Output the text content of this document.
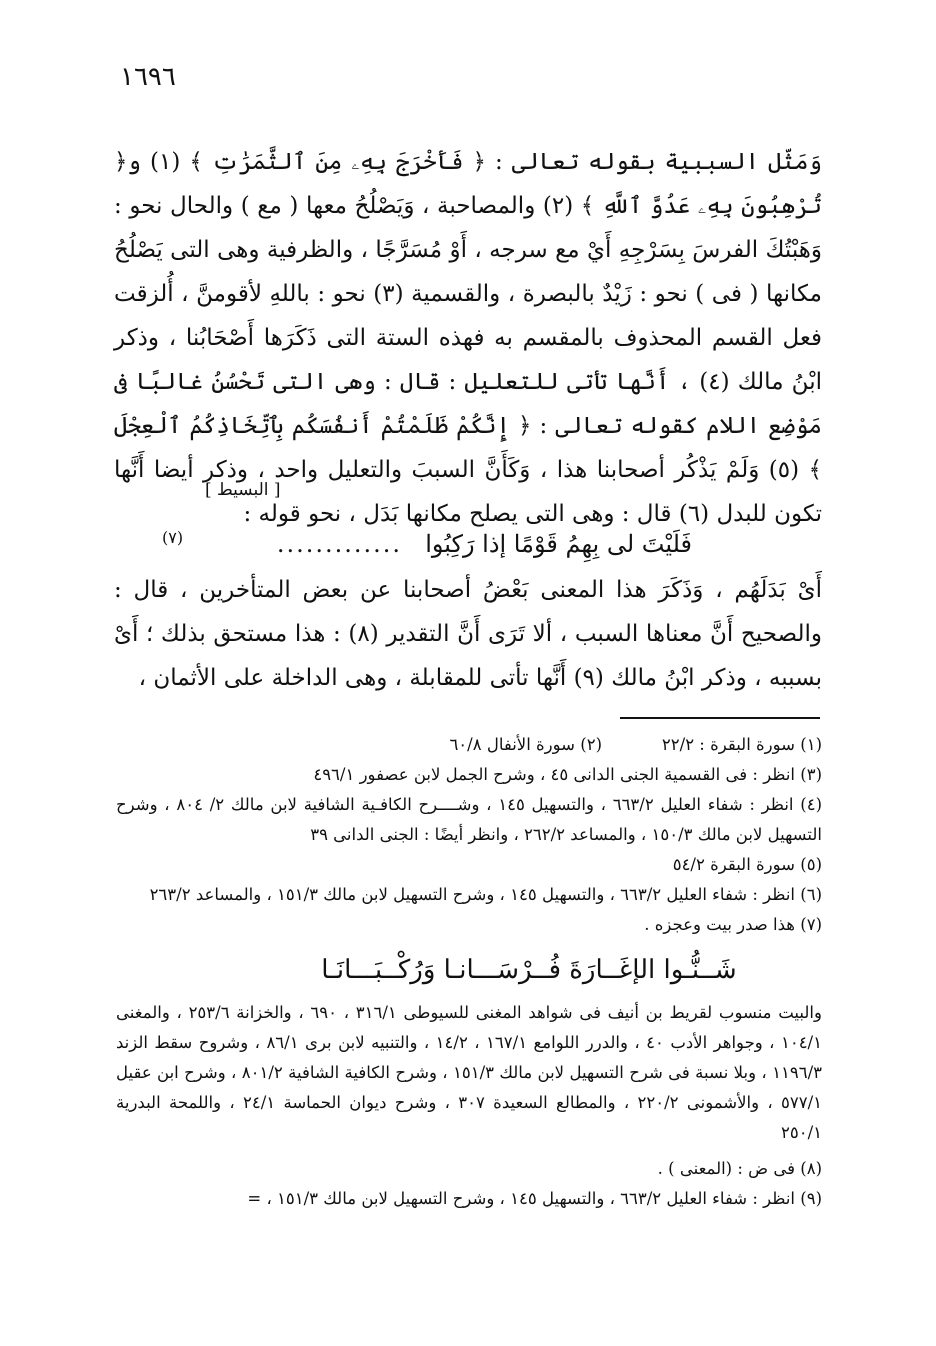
١٦٩٦

وَمَثّل السببية بقوله تعالى : ﴿ فَأَخْرَجَ بِهِۦ مِنَ ٱلثَّمَرَٰتِ ﴾ (١) و﴿ تُرْهِبُونَ بِهِۦ عَدُوَّ ٱللَّهِ ﴾ (٢) والمصاحبة ، وَيَصْلُحُ معها ( مع ) والحال نحو : وَهَبْتُكَ الفرسَ بِسَرْجِهِ أَيْ مع سرجه ، أَوْ مُسَرَّجًا ، والظرفية وهى التى يَصْلُحُ مكانها ( فى ) نحو : زَيْدٌ بالبصرة ، والقسمية (٣) نحو : باللهِ لأقومنَّ ، أُلزقت فعل القسم المحذوف بالمقسم به فهذه الستة التى ذَكَرَها أَصْحَابُنا ، وذكر ابْنُ مالك (٤) ، أَنَّها تأتى للتعليل : قال : وهى التى تَحْسُنُ غالبًا فى مَوْضِع اللام كقوله تعالى : ﴿ إِنَّكُمْ ظَلَمْتُمْ أَنفُسَكُم بِٱتِّخَاذِكُمُ ٱلْعِجْلَ ﴾ (٥) وَلَمْ يَذْكُر أصحابنا هذا ، وَكَأَنَّ السببَ والتعليل واحد ، وذكر أيضا أَنَّها تكون للبدل (٦) قال : وهى التى يصلح مكانها بَدَل ، نحو قوله :

[ البسيط ]
فَلَيْتَ لى بِهِمُ قَوْمًا إذا رَكِبُوا
.............
(٧)

أَىْ بَدَلَهُم ، وَذَكَرَ هذا المعنى بَعْضُ أصحابنا عن بعض المتأخرين ، قال : والصحيح أَنَّ معناها السبب ، ألا تَرَى أَنَّ التقدير (٨) : هذا مستحق بذلك ؛ أَىْ بسببه ، وذكر ابْنُ مالك (٩) أَنَّها تأتى للمقابلة ، وهى الداخلة على الأثمان ،

(١) سورة البقرة : ٢٢/٢
(٢) سورة الأنفال ٦٠/٨

(٣) انظر : فى القسمية الجنى الدانى ٤٥ ، وشرح الجمل لابن عصفور ٤٩٦/١

(٤) انظر : شفاء العليل ٦٦٣/٢ ، والتسهيل ١٤٥ ، وشــــرح الكافـية الشافية لابن مالك ٢/ ٨٠٤ ، وشرح التسهيل لابن مالك ١٥٠/٣ ، والمساعد ٢٦٢/٢ ، وانظر أيضًا : الجنى الدانى ٣٩

(٥) سورة البقرة ٥٤/٢

(٦) انظر : شفاء العليل ٦٦٣/٢ ، والتسهيل ١٤٥ ، وشرح التسهيل لابن مالك ١٥١/٣ ، والمساعد ٢٦٣/٢

(٧) هذا صدر بيت وعجزه .

شَــنُّـوا الإغَــارَةَ فُــرْسَـــانـا وَرُكْــبَـــانَـا

والبيت منسوب لقريط بن أنيف فى شواهد المغنى للسيوطى ٣١٦/١ ، ٦٩٠ ، والخزانة ٢٥٣/٦ ، والمغنى ١٠٤/١ ، وجواهر الأدب ٤٠ ، والدرر اللوامع ١٦٧/١ ، ١٤/٢ ، والتنبيه لابن برى ٨٦/١ ، وشروح سقط الزند ١١٩٦/٣ ، وبلا نسبة فى شرح التسهيل لابن مالك ١٥١/٣ ، وشرح الكافية الشافية ٨٠١/٢ ، وشرح ابن عقيل ٥٧٧/١ ، والأشمونى ٢٢٠/٢ ، والمطالع السعيدة ٣٠٧ ، وشرح ديوان الحماسة ٢٤/١ ، واللمحة البدرية ٢٥٠/١

(٨) فى ض : (المعنى ) .

(٩) انظر : شفاء العليل ٦٦٣/٢ ، والتسهيل ١٤٥ ، وشرح التسهيل لابن مالك ١٥١/٣ ، =
